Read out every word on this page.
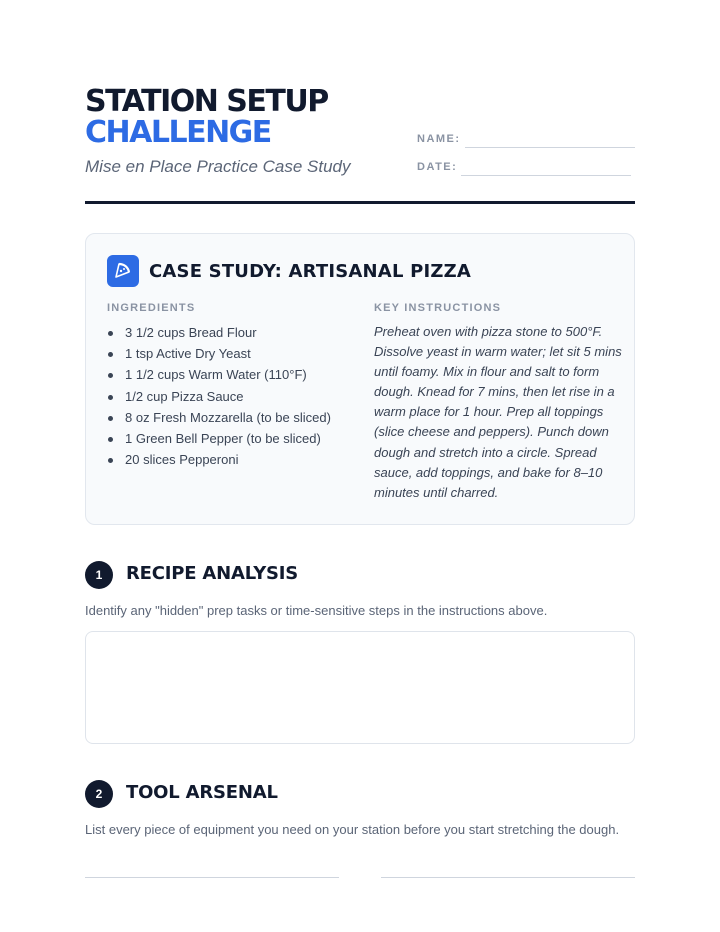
STATION SETUP
CHALLENGE
Mise en Place Practice Case Study
NAME:
DATE:
CASE STUDY: ARTISANAL PIZZA
INGREDIENTS
3 1/2 cups Bread Flour
1 tsp Active Dry Yeast
1 1/2 cups Warm Water (110°F)
1/2 cup Pizza Sauce
8 oz Fresh Mozzarella (to be sliced)
1 Green Bell Pepper (to be sliced)
20 slices Pepperoni
KEY INSTRUCTIONS
Preheat oven with pizza stone to 500°F. Dissolve yeast in warm water; let sit 5 mins until foamy. Mix in flour and salt to form dough. Knead for 7 mins, then let rise in a warm place for 1 hour. Prep all toppings (slice cheese and peppers). Punch down dough and stretch into a circle. Spread sauce, add toppings, and bake for 8–10 minutes until charred.
1	RECIPE ANALYSIS
Identify any "hidden" prep tasks or time-sensitive steps in the instructions above.
2	TOOL ARSENAL
List every piece of equipment you need on your station before you start stretching the dough.
